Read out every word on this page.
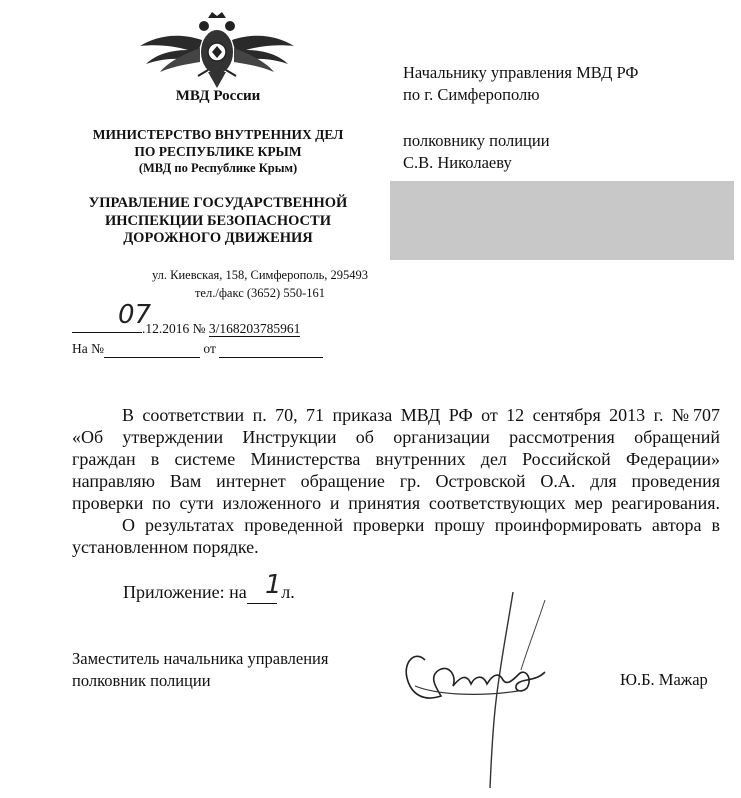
МВД России
МИНИСТЕРСТВО ВНУТРЕННИХ ДЕЛ
ПО РЕСПУБЛИКЕ КРЫМ
(МВД по Республике Крым)
УПРАВЛЕНИЕ ГОСУДАРСТВЕННОЙ
ИНСПЕКЦИИ БЕЗОПАСНОСТИ
ДОРОЖНОГО ДВИЖЕНИЯ
ул. Киевская, 158, Симферополь, 295493
тел./факс (3652) 550-161
.12.2016 № 3/168203785961
07
На №	от
Начальнику управления МВД РФ
по г. Симферополю
полковнику полиции
С.В. Николаеву
В соответствии п. 70, 71 приказа МВД РФ от 12 сентября 2013 г. №707
«Об утверждении Инструкции об организации рассмотрения обращений
граждан в системе Министерства внутренних дел Российской Федерации»
направляю Вам интернет обращение гр. Островской О.А. для проведения
проверки по сути изложенного и принятия соответствующих мер реагирования.
О результатах проведенной проверки прошу проинформировать автора в
установленном порядке.
Приложение: на л.
1
Заместитель начальника управления
полковник полиции	Ю.Б. Мажар
